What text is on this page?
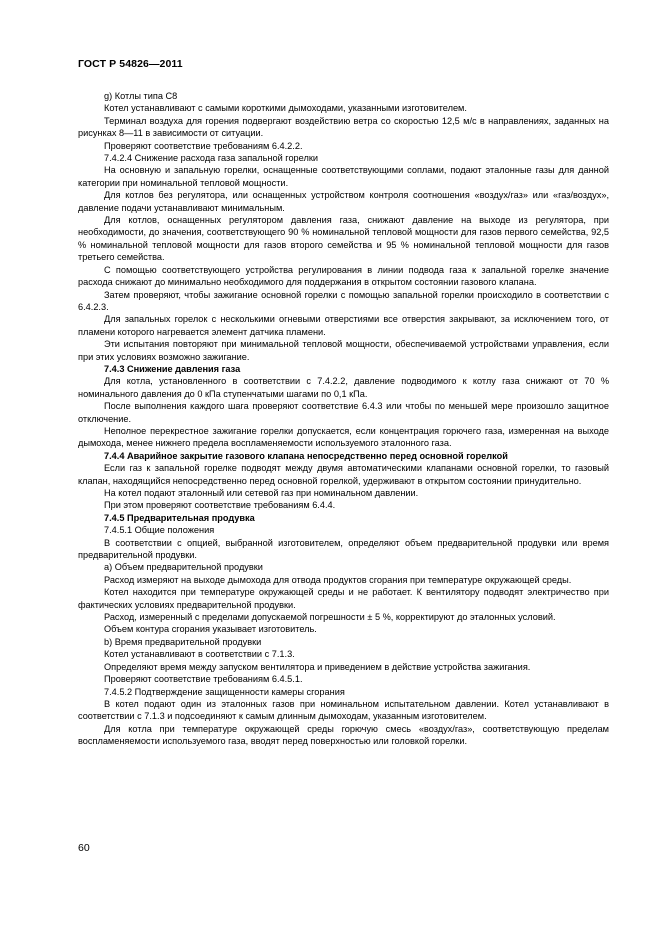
ГОСТ Р 54826—2011

g) Котлы типа C8

Котел устанавливают с самыми короткими дымоходами, указанными изготовителем.

Терминал воздуха для горения подвергают воздействию ветра со скоростью 12,5 м/с в направлениях, заданных на рисунках 8—11 в зависимости от ситуации.

Проверяют соответствие требованиям 6.4.2.2.

7.4.2.4 Снижение расхода газа запальной горелки

На основную и запальную горелки, оснащенные соответствующими соплами, подают эталонные газы для данной категории при номинальной тепловой мощности.

Для котлов без регулятора, или оснащенных устройством контроля соотношения «воздух/газ» или «газ/воздух», давление подачи устанавливают минимальным.

Для котлов, оснащенных регулятором давления газа, снижают давление на выходе из регулятора, при необходимости, до значения, соответствующего 90 % номинальной тепловой мощности для газов первого семейства, 92,5 % номинальной тепловой мощности для газов второго семейства и 95 % номинальной тепловой мощности для газов третьего семейства.

С помощью соответствующего устройства регулирования в линии подвода газа к запальной горелке значение расхода снижают до минимально необходимого для поддержания в открытом состоянии газового клапана.

Затем проверяют, чтобы зажигание основной горелки с помощью запальной горелки происходило в соответствии с 6.4.2.3.

Для запальных горелок с несколькими огневыми отверстиями все отверстия закрывают, за исключением того, от пламени которого нагревается элемент датчика пламени.

Эти испытания повторяют при минимальной тепловой мощности, обеспечиваемой устройствами управления, если при этих условиях возможно зажигание.

7.4.3 Снижение давления газа

Для котла, установленного в соответствии с 7.4.2.2, давление подводимого к котлу газа снижают от 70 % номинального давления до 0 кПа ступенчатыми шагами по 0,1 кПа.

После выполнения каждого шага проверяют соответствие 6.4.3 или чтобы по меньшей мере произошло защитное отключение.

Неполное перекрестное зажигание горелки допускается, если концентрация горючего газа, измеренная на выходе дымохода, менее нижнего предела воспламеняемости используемого эталонного газа.

7.4.4 Аварийное закрытие газового клапана непосредственно перед основной горелкой

Если газ к запальной горелке подводят между двумя автоматическими клапанами основной горелки, то газовый клапан, находящийся непосредственно перед основной горелкой, удерживают в открытом состоянии принудительно.

На котел подают эталонный или сетевой газ при номинальном давлении.

При этом проверяют соответствие требованиям 6.4.4.

7.4.5 Предварительная продувка

7.4.5.1 Общие положения

В соответствии с опцией, выбранной изготовителем, определяют объем предварительной продувки или время предварительной продувки.

а) Объем предварительной продувки

Расход измеряют на выходе дымохода для отвода продуктов сгорания при температуре окружающей среды.

Котел находится при температуре окружающей среды и не работает. К вентилятору подводят электричество при фактических условиях предварительной продувки.

Расход, измеренный с пределами допускаемой погрешности ± 5 %, корректируют до эталонных условий.

Объем контура сгорания указывает изготовитель.

b) Время предварительной продувки

Котел устанавливают в соответствии с 7.1.3.

Определяют время между запуском вентилятора и приведением в действие устройства зажигания.

Проверяют соответствие требованиям 6.4.5.1.

7.4.5.2 Подтверждение защищенности камеры сгорания

В котел подают один из эталонных газов при номинальном испытательном давлении. Котел устанавливают в соответствии с 7.1.3 и подсоединяют к самым длинным дымоходам, указанным изготовителем.

Для котла при температуре окружающей среды горючую смесь «воздух/газ», соответствующую пределам воспламеняемости используемого газа, вводят перед поверхностью или головкой горелки.

60
